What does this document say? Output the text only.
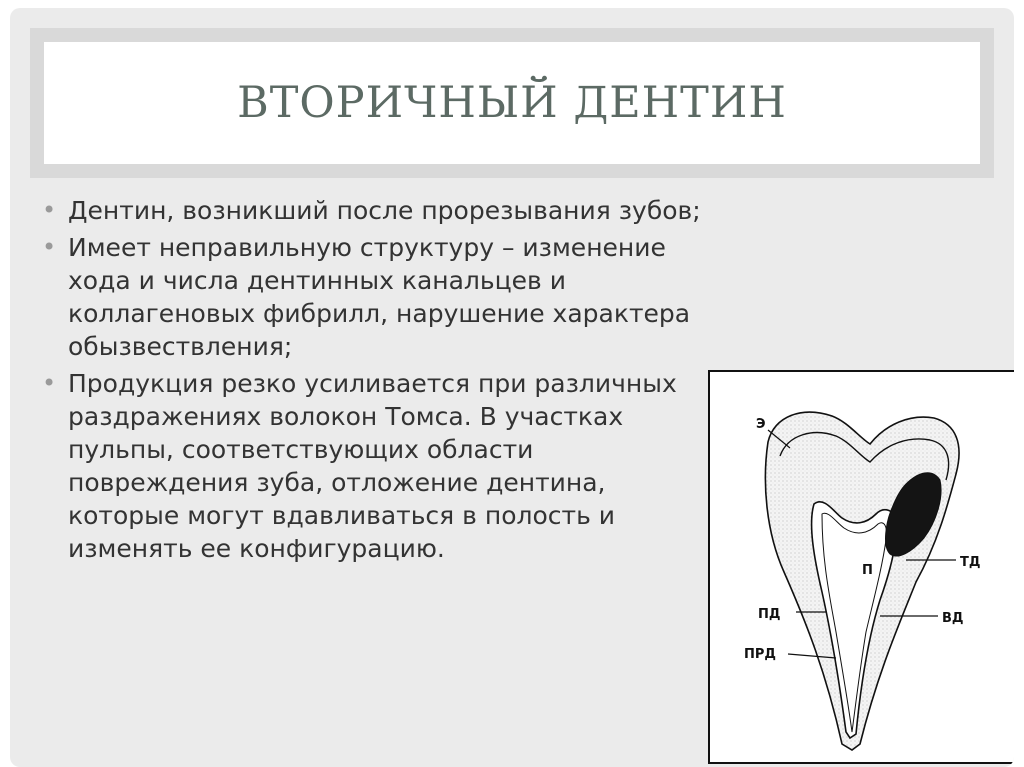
ВТОРИЧНЫЙ ДЕНТИН
• Дентин, возникший после прорезывания зубов;
• Имеет неправильную структуру – изменение хода и числа дентинных канальцев и коллагеновых фибрилл, нарушение характера обызвествления;
• Продукция резко усиливается при различных раздражениях волокон Томса. В участках пульпы, соответствующих области повреждения зуба, отложение дентина, которые могут вдавливаться в полость и изменять ее конфигурацию.
Э
П
ТД
ПД	ВД
ПРД
